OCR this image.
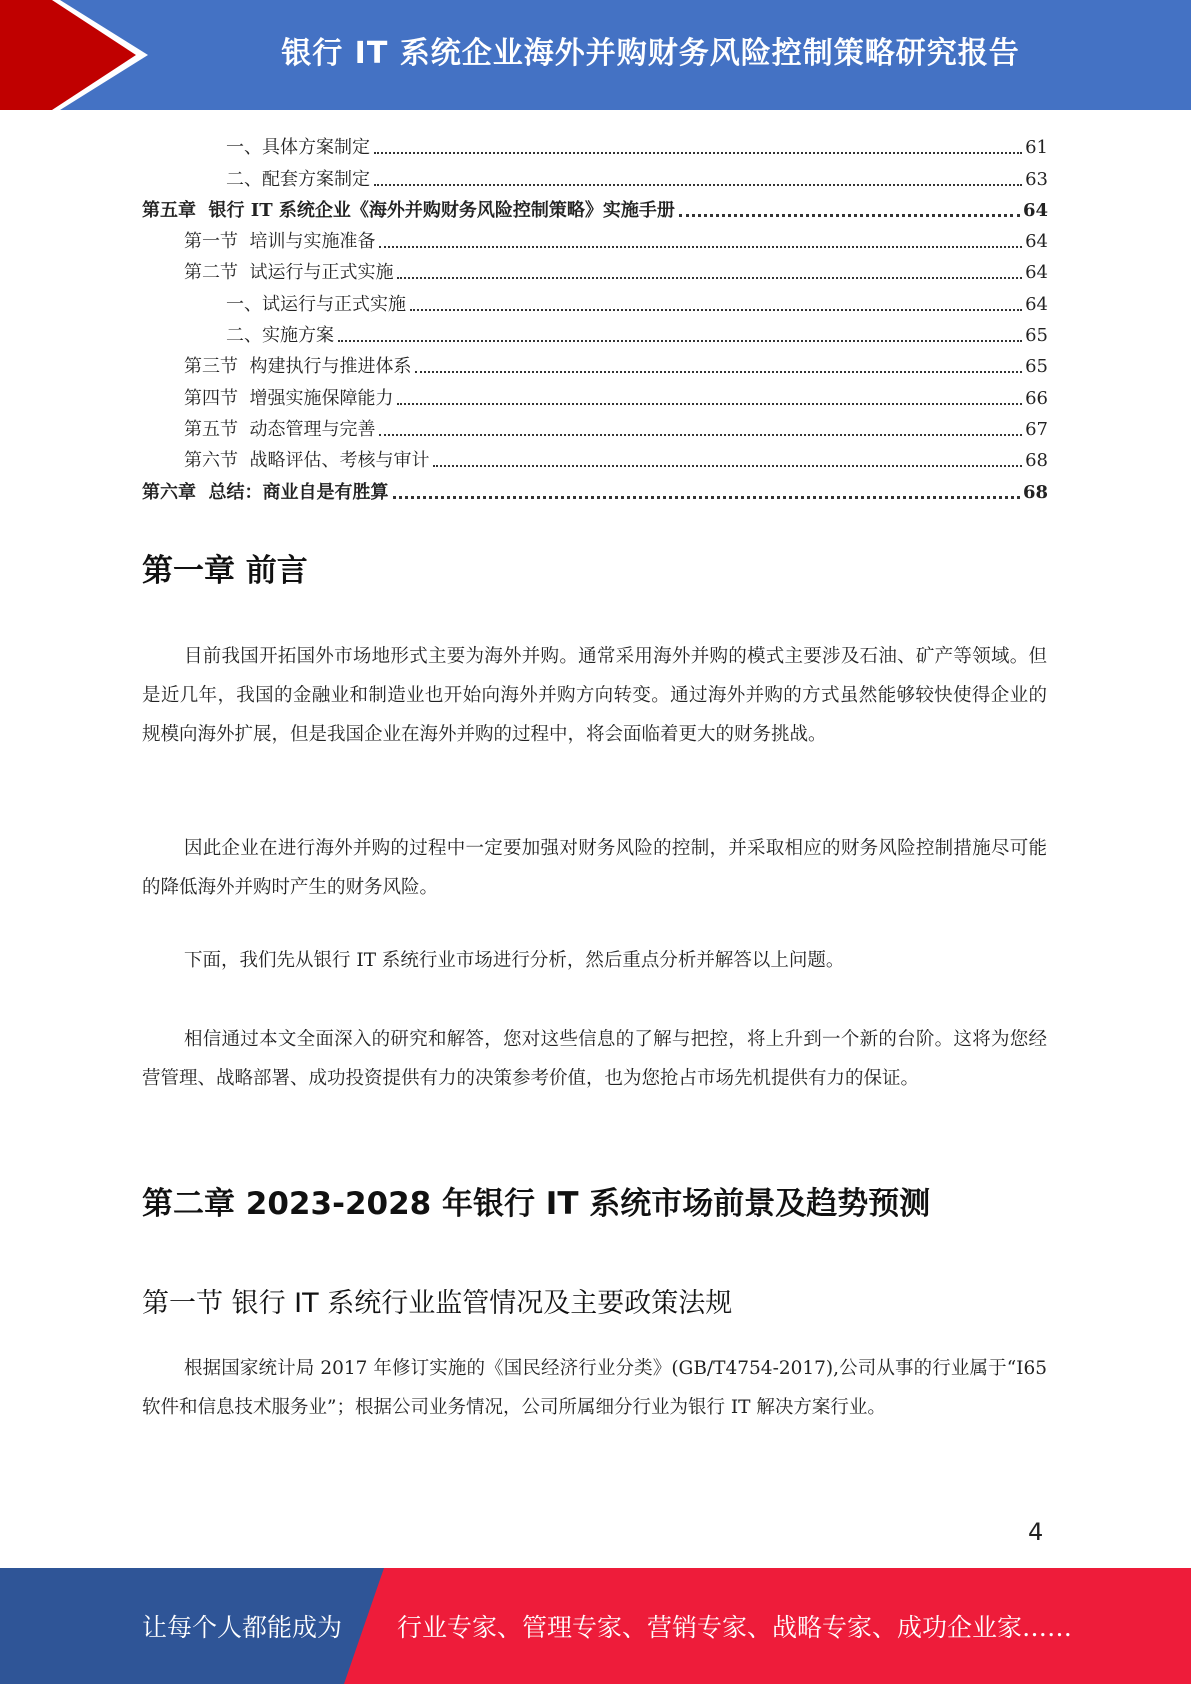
银行 IT 系统企业海外并购财务风险控制策略研究报告
一、具体方案制定	61
二、配套方案制定	63
第五章  银行 IT 系统企业《海外并购财务风险控制策略》实施手册	64
第一节  培训与实施准备	64
第二节  试运行与正式实施	64
一、试运行与正式实施	64
二、实施方案	65
第三节  构建执行与推进体系	65
第四节  增强实施保障能力	66
第五节  动态管理与完善	67
第六节  战略评估、考核与审计	68
第六章  总结：商业自是有胜算	68
第一章 前言

目前我国开拓国外市场地形式主要为海外并购。通常采用海外并购的模式主要涉及石油、矿产等领域。但是近几年，我国的金融业和制造业也开始向海外并购方向转变。通过海外并购的方式虽然能够较快使得企业的规模向海外扩展，但是我国企业在海外并购的过程中，将会面临着更大的财务挑战。

因此企业在进行海外并购的过程中一定要加强对财务风险的控制，并采取相应的财务风险控制措施尽可能的降低海外并购时产生的财务风险。

下面，我们先从银行 IT 系统行业市场进行分析，然后重点分析并解答以上问题。

相信通过本文全面深入的研究和解答，您对这些信息的了解与把控，将上升到一个新的台阶。这将为您经营管理、战略部署、成功投资提供有力的决策参考价值，也为您抢占市场先机提供有力的保证。

第二章 2023-2028 年银行 IT 系统市场前景及趋势预测
第一节 银行 IT 系统行业监管情况及主要政策法规

根据国家统计局 2017 年修订实施的《国民经济行业分类》(GB/T4754-2017),公司从事的行业属于“I65 软件和信息技术服务业”；根据公司业务情况，公司所属细分行业为银行 IT 解决方案行业。

4
让每个人都能成为 行业专家、管理专家、营销专家、战略专家、成功企业家……
